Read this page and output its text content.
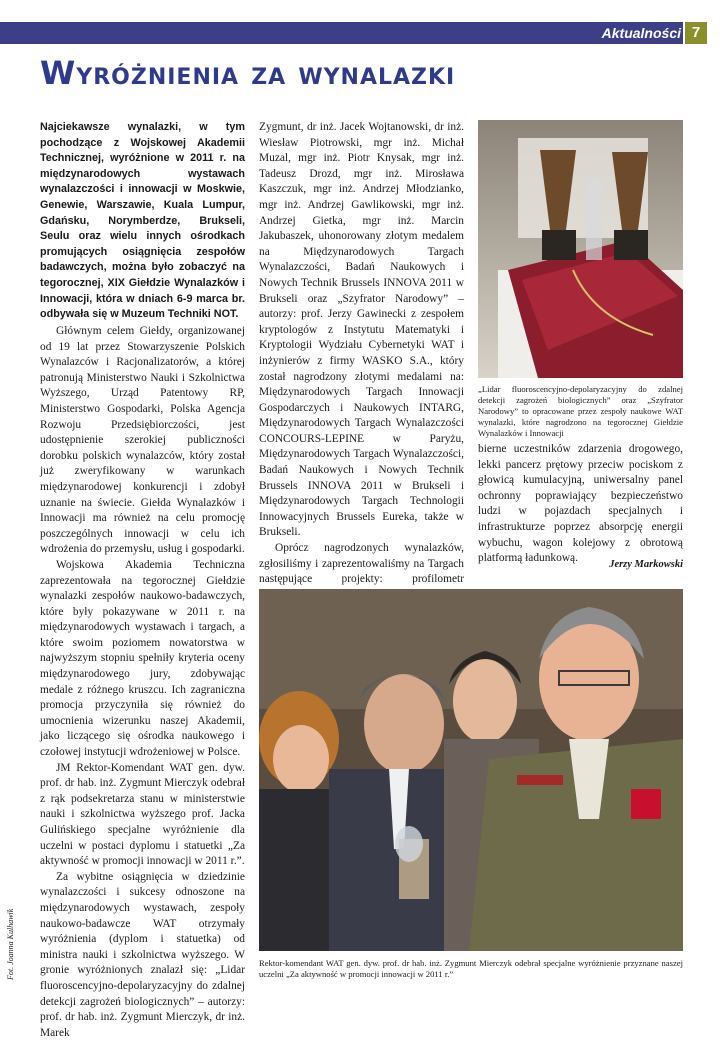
Aktualności 7
Wyróżnienia za wynalazki
Najciekawsze wynalazki, w tym pochodzące z Wojskowej Akademii Technicznej, wyróżnione w 2011 r. na międzynarodowych wystawach wynalazczości i innowacji w Moskwie, Genewie, Warszawie, Kuala Lumpur, Gdańsku, Norymberdze, Brukseli, Seulu oraz wielu innych ośrodkach promujących osiągnięcia zespołów badawczych, można było zobaczyć na tegorocznej, XIX Giełdzie Wynalazków i Innowacji, która w dniach 6-9 marca br. odbywała się w Muzeum Techniki NOT.

Głównym celem Giełdy, organizowanej od 19 lat przez Stowarzyszenie Polskich Wynalazców i Racjonalizatorów, a której patronują Ministerstwo Nauki i Szkolnictwa Wyższego, Urząd Patentowy RP, Ministerstwo Gospodarki, Polska Agencja Rozwoju Przedsiębiorczości, jest udostępnienie szerokiej publiczności dorobku polskich wynalazców, który został już zweryfikowany w warunkach międzynarodowej konkurencji i zdobył uznanie na świecie. Giełda Wynalazków i Innowacji ma również na celu promocję poszczególnych innowacji w celu ich wdrożenia do przemysłu, usług i gospodarki.

Wojskowa Akademia Techniczna zaprezentowała na tegorocznej Giełdzie wynalazki zespołów naukowo-badawczych, które były pokazywane w 2011 r. na międzynarodowych wystawach i targach, a które swoim poziomem nowatorstwa w najwyższym stopniu spełniły kryteria oceny międzynarodowego jury, zdobywając medale z różnego kruszcu. Ich zagraniczna promocja przyczyniła się również do umocnienia wizerunku naszej Akademii, jako liczącego się ośrodka naukowego i czołowej instytucji wdrożeniowej w Polsce.

JM Rektor-Komendant WAT gen. dyw. prof. dr hab. inż. Zygmunt Mierczyk odebrał z rąk podsekretarza stanu w ministerstwie nauki i szkolnictwa wyższego prof. Jacka Gulińskiego specjalne wyróżnienie dla uczelni w postaci dyplomu i statuetki „Za aktywność w promocji innowacji w 2011 r.”.

Za wybitne osiągnięcia w dziedzinie wynalazczości i sukcesy odnoszone na międzynarodowych wystawach, zespoły naukowo-badawcze WAT otrzymały wyróżnienia (dyplom i statuetka) od ministra nauki i szkolnictwa wyższego. W gronie wyróżnionych znalazł się: „Lidar fluoroscencyjno-depolaryzacyjny do zdalnej detekcji zagrożeń biologicznych” – autorzy: prof. dr hab. inż. Zygmunt Mierczyk, dr inż. Marek

Zygmunt, dr inż. Jacek Wojtanowski, dr inż. Wiesław Piotrowski, mgr inż. Michał Muzal, mgr inż. Piotr Knysak, mgr inż. Tadeusz Drozd, mgr inż. Mirosława Kaszczuk, mgr inż. Andrzej Młodzianko, mgr inż. Andrzej Gawlikowski, mgr inż. Andrzej Gietka, mgr inż. Marcin Jakubaszek, uhonorowany złotym medalem na Międzynarodowych Targach Wynalazczości, Badań Naukowych i Nowych Technik Brussels INNOVA 2011 w Brukseli oraz „Szyfrator Narodowy” – autorzy: prof. Jerzy Gawinecki z zespołem kryptologów z Instytutu Matematyki i Kryptologii Wydziału Cybernetyki WAT i inżynierów z firmy WASKO S.A., który został nagrodzony złotymi medalami na: Międzynarodowych Targach Innowacji Gospodarczych i Naukowych INTARG, Międzynarodowych Targach Wynalazczości CONCOURS-LEPINE w Paryżu, Międzynarodowych Targach Wynalazczości, Badań Naukowych i Nowych Technik Brussels INNOVA 2011 w Brukseli i Międzynarodowych Targach Technologii Innowacyjnych Brussels Eureka, także w Brukseli.

Oprócz nagrodzonych wynalazków, zgłosiliśmy i zaprezentowaliśmy na Targach następujące projekty: profilometr

„Lidar fluoroscencyjno-depolaryzacyjny do zdalnej detekcji zagrożeń biologicznych” oraz „Szyfrator Narodowy” to opracowane przez zespoły naukowe WAT wynalazki, które nagrodzono na tegorocznej Giełdzie Wynalazków i Innowacji

bierne uczestników zdarzenia drogowego, lekki pancerz prętowy przeciw pociskom z głowicą kumulacyjną, uniwersalny panel ochronny poprawiający bezpieczeństwo ludzi w pojazdach specjalnych i infrastrukturze poprzez absorpcję energii wybuchu, wagon kolejowy z obrotową platformą ładunkową.

Jerzy Markowski
Rektor-komendant WAT gen. dyw. prof. dr hab. inż. Zygmunt Mierczyk odebrał specjalne wyróżnienie przyznane naszej uczelni „Za aktywność w promocji innowacji w 2011 r.”
Fot. Joanna Kulhawik
